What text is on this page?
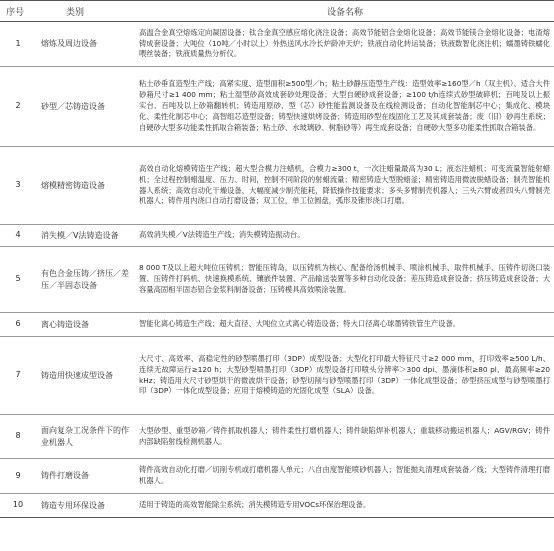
序号	类别	设备名称
1	熔炼及周边设备	高温合金真空熔炼定向凝固设备；钛合金真空感应熔化浇注设备；高效节能铝合金熔化设备；高效节能镁合金熔化设备；电渣熔铸成套设备；大吨位（10吨／小时以上）外热送风水冷长炉龄冲天炉；铁液自动化转运装备；铁液数智化浇注机；蠕墨铸铁蠕化喂丝装备；铁液质量热分析仪。
2	砂型／芯铸造设备	粘土砂垂直造型生产线；高紧实度、造型面积≥500型／h；粘土砂静压造型生产线：造型效率≥160型／h（双主机）、适合大件砂箱尺寸≥1 400 mm；粘土湿型砂高效成套砂处理设备；大型自硬砂成套设备；≥100 t/h连续式砂型破碎机；百吨及以上振实台、百吨及以上砂箱翻转机；铸造用原砂、型（芯）砂性能监测设备及在线检测设备；自动化智能制芯中心；集成化、模块化、柔性化制芯中心；高智组芯造型设备；铸型快速烘烤设备；铸造用砂型在线固化工艺及其成套装备；废（旧）砂再生系统；自硬砂大型多功能柔性抓取合箱装备；粘土砂、水玻璃砂、树脂砂等）再生成套设备；自硬砂大型多功能柔性抓取合箱装备。
3	熔模精密铸造设备	高效自动化熔模铸造生产线；超大型合模力注蜡机，合模力≥300 t，一次注蜡量最高为30 L；液态注蜡机；可变流量智能射蜡机；全过程控制蜡温度、压力、时间，控制不同阶段的射蜡流量；精密铸造大型脱蜡釜；精密铸造用微波脱蜡设备；制壳智能机器人系统；高效自动化干燥设备，大幅度减少制壳能耗，降低操作技能要求；多头多臂制壳机器人；三头六臂或者四头八臂制壳机器人；铸件用内浇口自动打磨设备；双工位，单工位圆盘，弧形及锥形浇口打磨。
4	消失模／V法铸造设备	高效消失模／V法铸造生产线；消失模铸造振动台。
5	有色合金压铸／挤压／差压／半固态设备	8 000 T及以上超大吨位压铸机；智能压铸岛，以压铸机为核心、配备给汤机械手、喷涂机械手、取件机械手、压铸件切浇口装置、压铸件打码机、快速换模系统、镶嵌件装置、产品输送装置等多种自动化设备；差压铸造成套设备；挤压铸造成套设备；大容量高固相半固态铝合金浆料制备设备；压铸模具高效喷涂装置。
6	离心铸造设备	智能化离心铸造生产线；超大直径、大吨位立式离心铸造设备；特大口径离心球墨铸铁管生产设备。
7	铸造用快速成型设备	大尺寸、高效率、高稳定性的砂型喷墨打印（3DP）成型设备；大型化打印最大特征尺寸≥2 000 mm，打印效率≥500 L/h、连续无故障运行≥120 h；大型砂型喷墨打印（3DP）成型设备打印喷头分辨率＞300 dpi、墨滴体积≥80 pl、最高频率≥20 kHz；铸造用大尺寸砂型烘干的微波烘干设备；砂型切削与砂型喷墨打印（3DP）一体化成型设备；砂型挤压成型与砂型喷墨打印（3DP）一体化成型设备；应用于熔模铸造的光固化成型（SLA）设备。
8	面向复杂工况条件下的作业机器人	大型砂型、重型砂箱／铸件抓取机器人；铸件柔性打磨机器人；铸件缺陷焊补机器人；重载移动搬运机器人；AGV/RGV；铸件内部缺陷射线检测机器人。
9	铸件打磨设备	铸件高效自动化打磨／切削专机或打磨机器人单元；八自由度智能喷砂机器人；智能抛丸清理成套装备／线；大型铸件清理打磨机器人。
10	铸造专用环保设备	适用于铸造的高效智能除尘系统；消失模铸造专用VOCs环保治理设备。
